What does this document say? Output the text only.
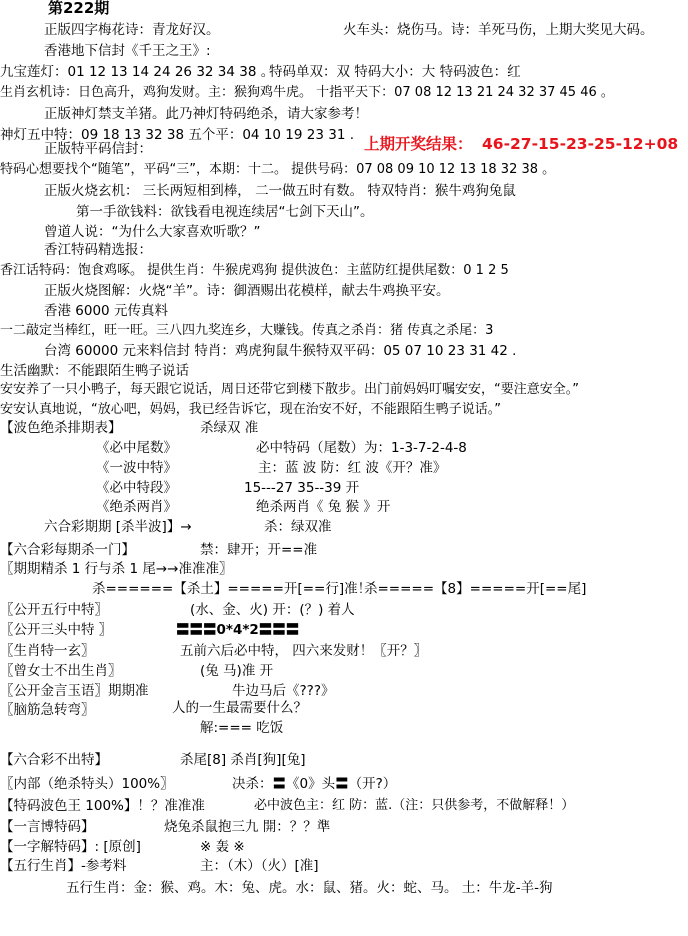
第222期
正版四字梅花诗：青龙好汉。	火车头：烧伤马。诗：羊死马伤，上期大奖见大码。
香港地下信封《千王之王》:
九宝莲灯：01 12 13 14 24 26 32 34 38 。
特码单双：双 特码大小：大 特码波色：红
生肖玄机诗：日色高升，鸡狗发财。主：猴狗鸡牛虎。 十指平天下：07 08 12 13 21 24 32 37 45 46 。
正版神灯禁支羊猪。此乃神灯特码绝杀，请大家参考！
神灯五中特：09 18 13 32 38 五个平：04 10 19 23 31 . 上期开奖结果： 46-27-15-23-25-12+08
正版特平码信封：
特码心想要找个“随笔”，平码“三”，本期：十二。 提供号码：07 08 09 10 12 13 18 32 38 。
正版火烧玄机： 三长两短相到棒， 二一做五时有数。 特双特肖：猴牛鸡狗兔鼠
第一手欲钱料：欲钱看电视连续居“七剑下天山”。
曾道人说：“为什么大家喜欢听歌？”
香江特码精选报：
香江话特码：饱食鸡啄。 提供生肖：牛猴虎鸡狗 提供波色：主蓝防红提供尾数：0 1 2 5
正版火烧图解：火烧“羊”。诗：御酒赐出花模样，献去牛鸡换平安。
香港 6000 元传真料
一二敲定当棒红，旺一旺。三八四九奖连乡，大赚钱。传真之杀肖：猪 传真之杀尾：3
台湾 60000 元来料信封 特肖：鸡虎狗鼠牛猴特双平码：05 07 10 23 31 42 .
生活幽默：不能跟陌生鸭子说话
安安养了一只小鸭子，每天跟它说话，周日还带它到楼下散步。出门前妈妈叮嘱安安，“要注意安全。”
安安认真地说，“放心吧，妈妈，我已经告诉它，现在治安不好，不能跟陌生鸭子说话。”
【波色绝杀排期表】	杀绿双 准
《必中尾数》	必中特码（尾数）为：1-3-7-2-4-8
《一波中特》	主：蓝 波 防：红 波《开？准》
《必中特段》	15---27 35--39 开
《绝杀两肖》	绝杀两肖《 兔 猴 》开
六合彩期期 [杀半波]】→	杀：绿双准
【六合彩每期杀一门】	禁：肆开；开==准
〖期期精杀 1 行与杀 1 尾→→准准准〗
杀======【杀土】=====开[==行]准！
杀=====【8】=====开[==尾]
〖公开五行中特〗	(水、金、火) 开：(？) 着人
〖公开三头中特 〗	〓〓〓0*4*2〓〓〓
〖生肖特一玄〗	五前六后必中特， 四六来发财！〖开？〗
〖曾女士不出生肖〗	(兔 马)准 开
〖公开金言玉语〗期期准	牛边马后《???》
〖脑筋急转弯〗	人的一生最需要什么？
解:=== 吃饭
【六合彩不出特】	杀尾[8] 杀肖[狗][兔]
〖内部（绝杀特头）100%〗	决杀：〓《0》头〓（开?）
【特码波色王 100%】！？准准准	必中波色主：红 防：蓝.（注：只供参考，不做解释！）
【一言博特码】	烧兔杀鼠抱三九 開：？？準
【一字解特码】: [原创]	※ 轰 ※
【五行生肖】-参考料	主：（木）（火）[准]
五行生肖：金：猴、鸡。木：兔、虎。水：鼠、猪。火：蛇、马。 土：牛龙-羊-狗
